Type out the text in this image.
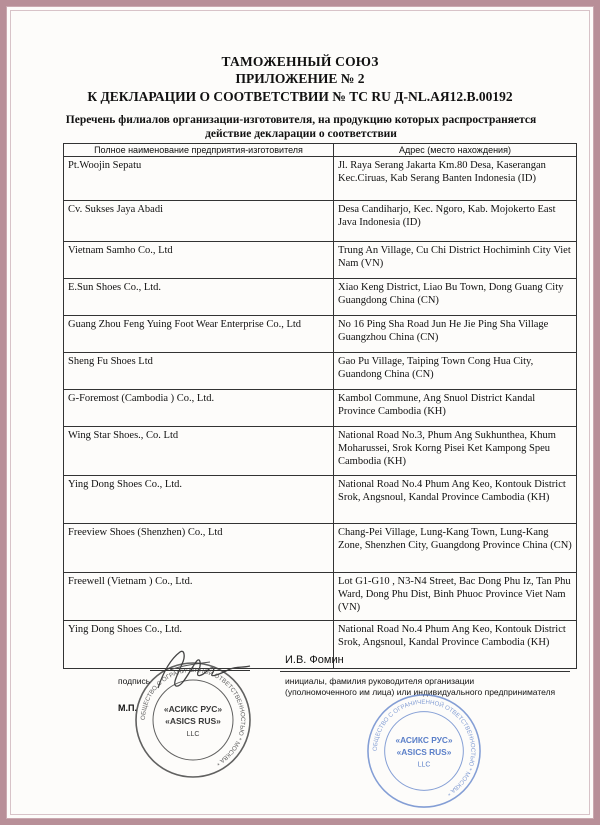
ТАМОЖЕННЫЙ СОЮЗ
ПРИЛОЖЕНИЕ № 2
К ДЕКЛАРАЦИИ О СООТВЕТСТВИИ № ТС RU Д-NL.АЯ12.В.00192
Перечень филиалов организации-изготовителя, на продукцию которых распространяется
действие декларации о соответствии
Полное наименование предприятия-изготовителя	Адрес (место нахождения)
Pt.Woojin Sepatu	Jl. Raya Serang Jakarta Km.80 Desa, Kaserangan Kec.Ciruas, Kab Serang Banten Indonesia (ID)
Cv. Sukses Jaya Abadi	Desa Candiharjo, Kec. Ngoro, Kab. Mojokerto East Java Indonesia (ID)
Vietnam Samho Co., Ltd	Trung An Village, Cu Chi District Hochiminh City Viet Nam (VN)
E.Sun Shoes Co., Ltd.	Xiao Keng District, Liao Bu Town, Dong Guang City Guangdong China (CN)
Guang Zhou Feng Yuing Foot Wear Enterprise Co., Ltd	No 16 Ping Sha Road Jun He Jie Ping Sha Village Guangzhou China (CN)
Sheng Fu Shoes Ltd	Gao Pu Village, Taiping Town Cong Hua City, Guandong China (CN)
G-Foremost (Cambodia ) Co., Ltd.	Kambol Commune, Ang Snuol District Kandal Province Cambodia (KH)
Wing Star Shoes., Co. Ltd	National Road No.3, Phum Ang Sukhunthea, Khum Moharussei, Srok Korng Pisei Ket Kampong Speu Cambodia (KH)
Ying Dong Shoes Co., Ltd.	National Road No.4 Phum Ang Keo, Kontouk District Srok, Angsnoul, Kandal Province Cambodia (KH)
Freeview Shoes (Shenzhen) Co., Ltd	Chang-Pei Village, Lung-Kang Town, Lung-Kang Zone, Shenzhen City, Guangdong Province China (CN)
Freewell (Vietnam ) Co., Ltd.	Lot G1-G10 , N3-N4 Street, Bac Dong Phu Iz, Tan Phu Ward, Dong Phu Dist, Binh Phuoc Province Viet Nam (VN)
Ying Dong Shoes Co., Ltd.	National Road No.4 Phum Ang Keo, Kontouk District Srok, Angsnoul, Kandal Province Cambodia (KH)
подпись
И.В. Фомин
инициалы, фамилия руководителя организации
(уполномоченного им лица) или индивидуального предпринимателя
М.П.
ОБЩЕСТВО С ОГРАНИЧЕННОЙ ОТВЕТСТВЕННОСТЬЮ * МОСКВА *
«АСИКС РУС»
«ASICS RUS»
LLC
ОБЩЕСТВО С ОГРАНИЧЕННОЙ ОТВЕТСТВЕННОСТЬЮ * МОСКВА *
«АСИКС РУС»
«ASICS RUS»
LLC
